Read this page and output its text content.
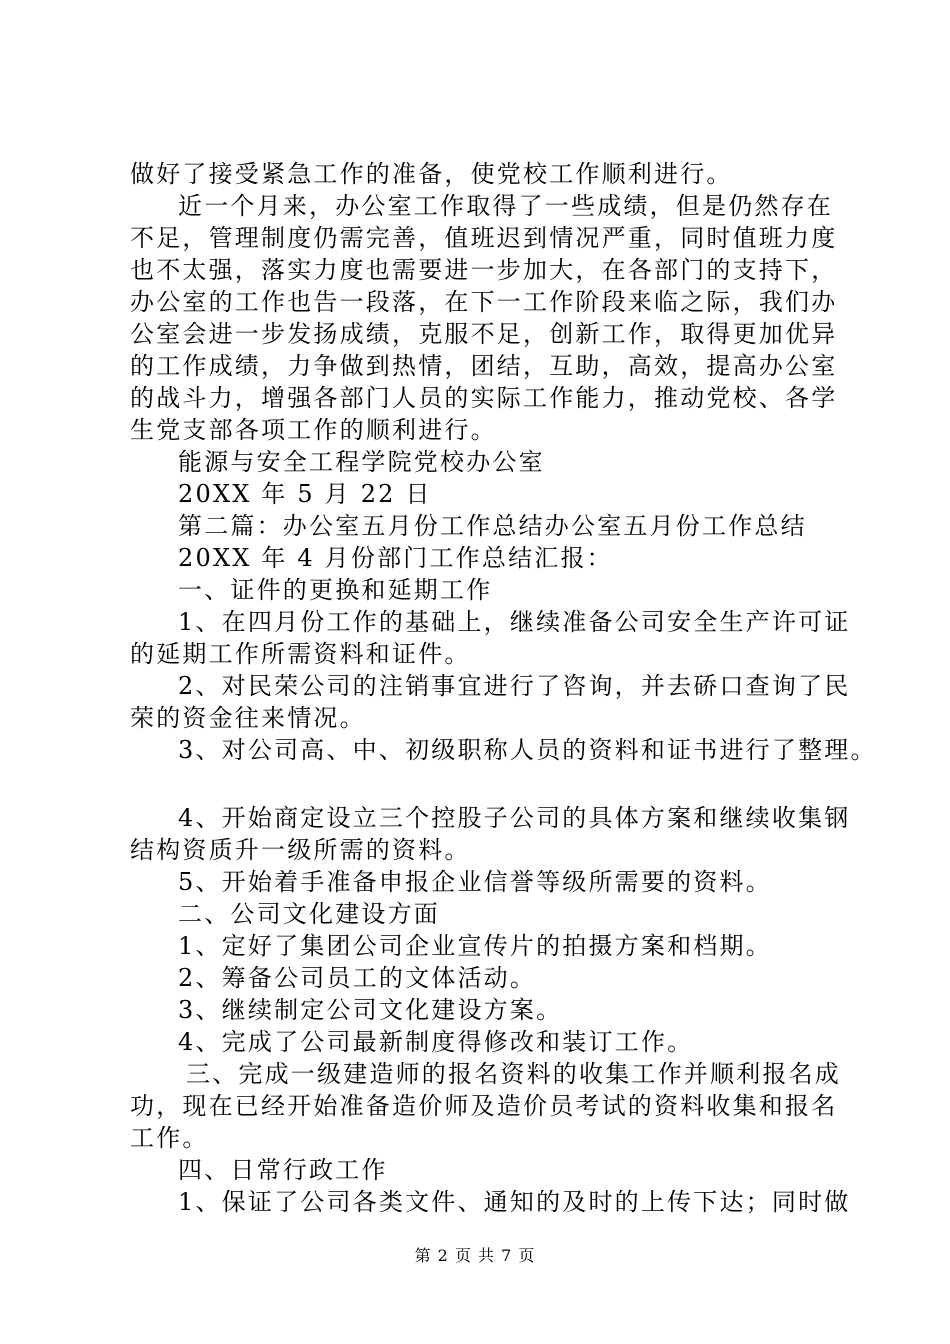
做好了接受紧急工作的准备，使党校工作顺利进行。
近一个月来，办公室工作取得了一些成绩，但是仍然存在
不足，管理制度仍需完善，值班迟到情况严重，同时值班力度
也不太强，落实力度也需要进一步加大，在各部门的支持下，
办公室的工作也告一段落，在下一工作阶段来临之际，我们办
公室会进一步发扬成绩，克服不足，创新工作，取得更加优异
的工作成绩，力争做到热情，团结，互助，高效，提高办公室
的战斗力，增强各部门人员的实际工作能力，推动党校、各学
生党支部各项工作的顺利进行。
能源与安全工程学院党校办公室
20XX 年 5 月 22 日
第二篇：办公室五月份工作总结办公室五月份工作总结
20XX 年 4 月份部门工作总结汇报：
一、证件的更换和延期工作
1、在四月份工作的基础上，继续准备公司安全生产许可证
的延期工作所需资料和证件。
2、对民荣公司的注销事宜进行了咨询，并去硚口查询了民
荣的资金往来情况。
3、对公司高、中、初级职称人员的资料和证书进行了整理。
4、开始商定设立三个控股子公司的具体方案和继续收集钢
结构资质升一级所需的资料。
5、开始着手准备申报企业信誉等级所需要的资料。
二、公司文化建设方面
1、定好了集团公司企业宣传片的拍摄方案和档期。
2、筹备公司员工的文体活动。
3、继续制定公司文化建设方案。
4、完成了公司最新制度得修改和装订工作。
三、完成一级建造师的报名资料的收集工作并顺利报名成
功，现在已经开始准备造价师及造价员考试的资料收集和报名
工作。
四、日常行政工作
1、保证了公司各类文件、通知的及时的上传下达；同时做
第 2 页 共 7 页
